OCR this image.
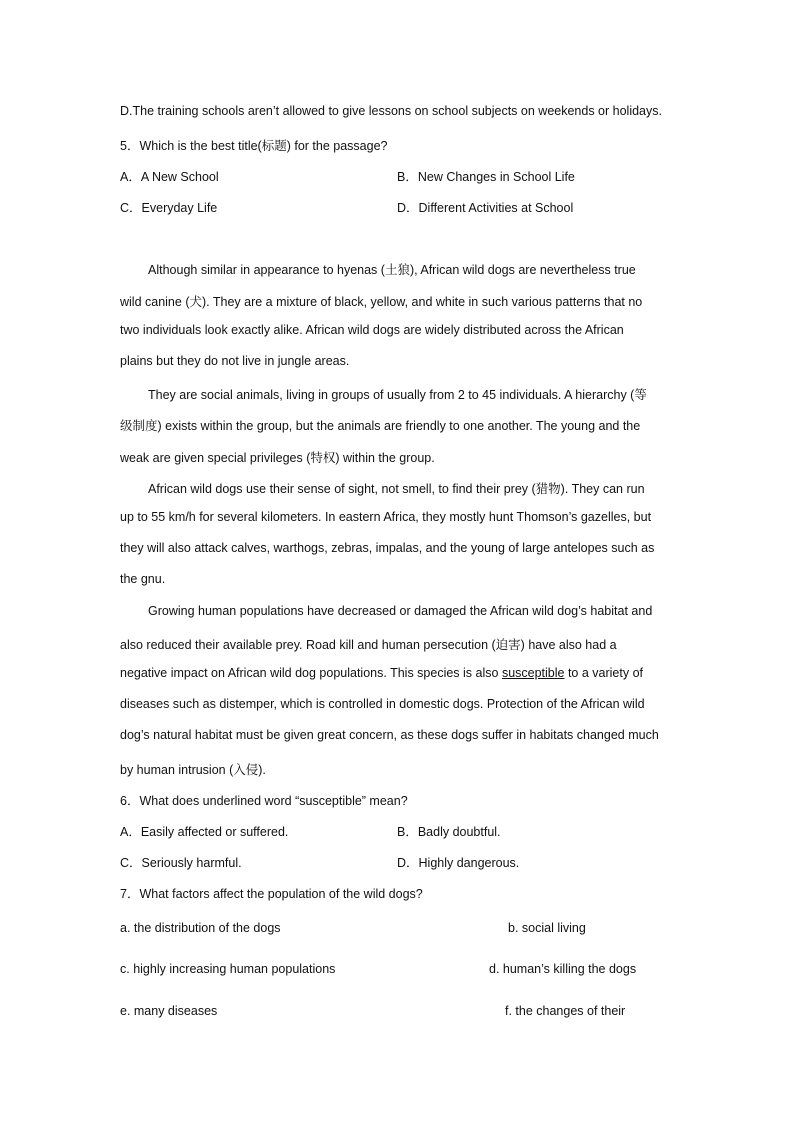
D.The training schools aren’t allowed to give lessons on school subjects on weekends or holidays.
5．Which is the best title(标题) for the passage?
A．A New School	B．New Changes in School Life
C．Everyday Life	D．Different Activities at School
Although similar in appearance to hyenas (土狼), African wild dogs are nevertheless true
wild canine (犬). They are a mixture of black, yellow, and white in such various patterns that no
two individuals look exactly alike. African wild dogs are widely distributed across the African
plains but they do not live in jungle areas.
They are social animals, living in groups of usually from 2 to 45 individuals. A hierarchy (等
级制度) exists within the group, but the animals are friendly to one another. The young and the
weak are given special privileges (特权) within the group.
African wild dogs use their sense of sight, not smell, to find their prey (猎物). They can run
up to 55 km/h for several kilometers. In eastern Africa, they mostly hunt Thomson’s gazelles, but
they will also attack calves, warthogs, zebras, impalas, and the young of large antelopes such as
the gnu.
Growing human populations have decreased or damaged the African wild dog’s habitat and
also reduced their available prey. Road kill and human persecution (迫害) have also had a
negative impact on African wild dog populations. This species is also susceptible to a variety of
diseases such as distemper, which is controlled in domestic dogs. Protection of the African wild
dog’s natural habitat must be given great concern, as these dogs suffer in habitats changed much
by human intrusion (入侵).
6．What does underlined word “susceptible” mean?
A．Easily affected or suffered.	B．Badly doubtful.
C．Seriously harmful.	D．Highly dangerous.
7．What factors affect the population of the wild dogs?
a. the distribution of the dogs	b. social living
c. highly increasing human populations	d. human’s killing the dogs
e. many diseases	f. the changes of their
